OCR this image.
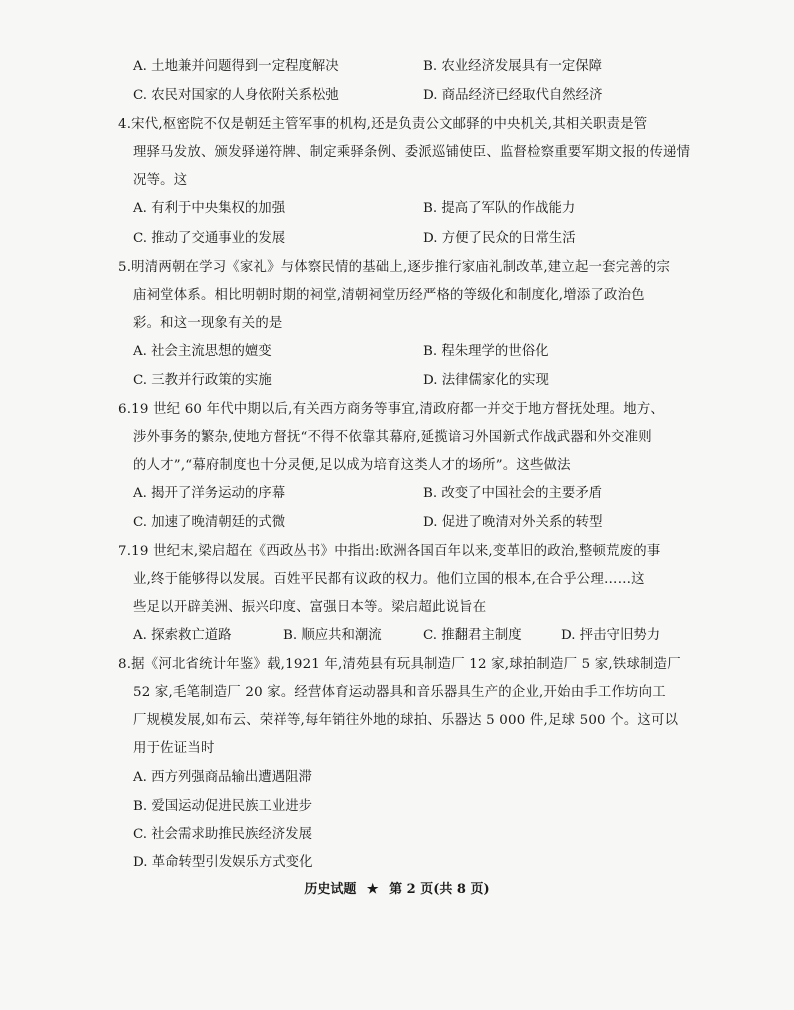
A. 土地兼并问题得到一定程度解决	B. 农业经济发展具有一定保障
C. 农民对国家的人身依附关系松弛	D. 商品经济已经取代自然经济
4.宋代,枢密院不仅是朝廷主管军事的机构,还是负责公文邮驿的中央机关,其相关职责是管
理驿马发放、颁发驿递符牌、制定乘驿条例、委派巡铺使臣、监督检察重要军期文报的传递情
况等。这
A. 有利于中央集权的加强	B. 提高了军队的作战能力
C. 推动了交通事业的发展	D. 方便了民众的日常生活
5.明清两朝在学习《家礼》与体察民情的基础上,逐步推行家庙礼制改革,建立起一套完善的宗
庙祠堂体系。相比明朝时期的祠堂,清朝祠堂历经严格的等级化和制度化,增添了政治色
彩。和这一现象有关的是
A. 社会主流思想的嬗变	B. 程朱理学的世俗化
C. 三教并行政策的实施	D. 法律儒家化的实现
6.19 世纪 60 年代中期以后,有关西方商务等事宜,清政府都一并交于地方督抚处理。地方、
涉外事务的繁杂,使地方督抚“不得不依靠其幕府,延揽谙习外国新式作战武器和外交准则
的人才”,“幕府制度也十分灵便,足以成为培育这类人才的场所”。这些做法
A. 揭开了洋务运动的序幕	B. 改变了中国社会的主要矛盾
C. 加速了晚清朝廷的式微	D. 促进了晚清对外关系的转型
7.19 世纪末,梁启超在《西政丛书》中指出:欧洲各国百年以来,变革旧的政治,整顿荒废的事
业,终于能够得以发展。百姓平民都有议政的权力。他们立国的根本,在合乎公理……这
些足以开辟美洲、振兴印度、富强日本等。梁启超此说旨在
A. 探索救亡道路	B. 顺应共和潮流	C. 推翻君主制度	D. 抨击守旧势力
8.据《河北省统计年鉴》载,1921 年,清苑县有玩具制造厂 12 家,球拍制造厂 5 家,铁球制造厂
52 家,毛笔制造厂 20 家。经营体育运动器具和音乐器具生产的企业,开始由手工作坊向工
厂规模发展,如布云、荣祥等,每年销往外地的球拍、乐器达 5 000 件,足球 500 个。这可以
用于佐证当时
A. 西方列强商品输出遭遇阻滞
B. 爱国运动促进民族工业进步
C. 社会需求助推民族经济发展
D. 革命转型引发娱乐方式变化
历史试题 ★ 第 2 页(共 8 页)
